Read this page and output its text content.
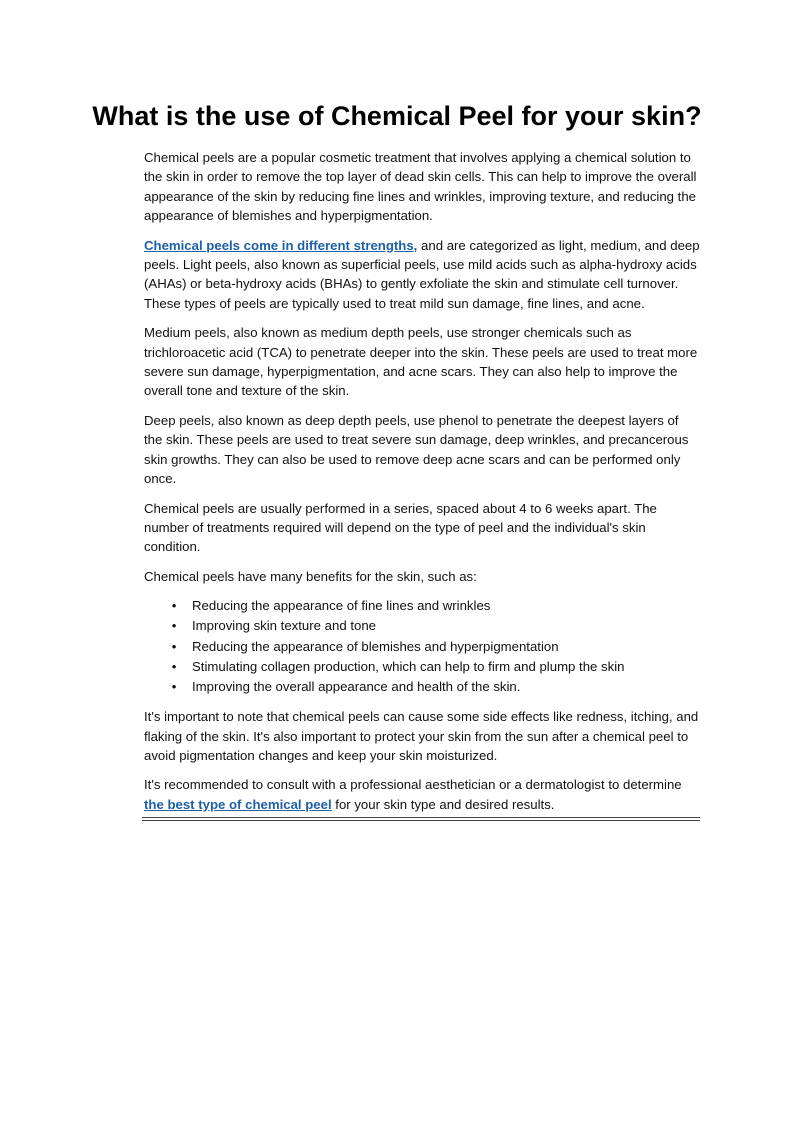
What is the use of Chemical Peel for your skin?

Chemical peels are a popular cosmetic treatment that involves applying a chemical solution to the skin in order to remove the top layer of dead skin cells. This can help to improve the overall appearance of the skin by reducing fine lines and wrinkles, improving texture, and reducing the appearance of blemishes and hyperpigmentation.

Chemical peels come in different strengths, and are categorized as light, medium, and deep peels. Light peels, also known as superficial peels, use mild acids such as alpha-hydroxy acids (AHAs) or beta-hydroxy acids (BHAs) to gently exfoliate the skin and stimulate cell turnover. These types of peels are typically used to treat mild sun damage, fine lines, and acne.

Medium peels, also known as medium depth peels, use stronger chemicals such as trichloroacetic acid (TCA) to penetrate deeper into the skin. These peels are used to treat more severe sun damage, hyperpigmentation, and acne scars. They can also help to improve the overall tone and texture of the skin.

Deep peels, also known as deep depth peels, use phenol to penetrate the deepest layers of the skin. These peels are used to treat severe sun damage, deep wrinkles, and precancerous skin growths. They can also be used to remove deep acne scars and can be performed only once.

Chemical peels are usually performed in a series, spaced about 4 to 6 weeks apart. The number of treatments required will depend on the type of peel and the individual's skin condition.

Chemical peels have many benefits for the skin, such as:

• Reducing the appearance of fine lines and wrinkles
• Improving skin texture and tone
• Reducing the appearance of blemishes and hyperpigmentation
• Stimulating collagen production, which can help to firm and plump the skin
• Improving the overall appearance and health of the skin.

It's important to note that chemical peels can cause some side effects like redness, itching, and flaking of the skin. It's also important to protect your skin from the sun after a chemical peel to avoid pigmentation changes and keep your skin moisturized.

It's recommended to consult with a professional aesthetician or a dermatologist to determine the best type of chemical peel for your skin type and desired results.
